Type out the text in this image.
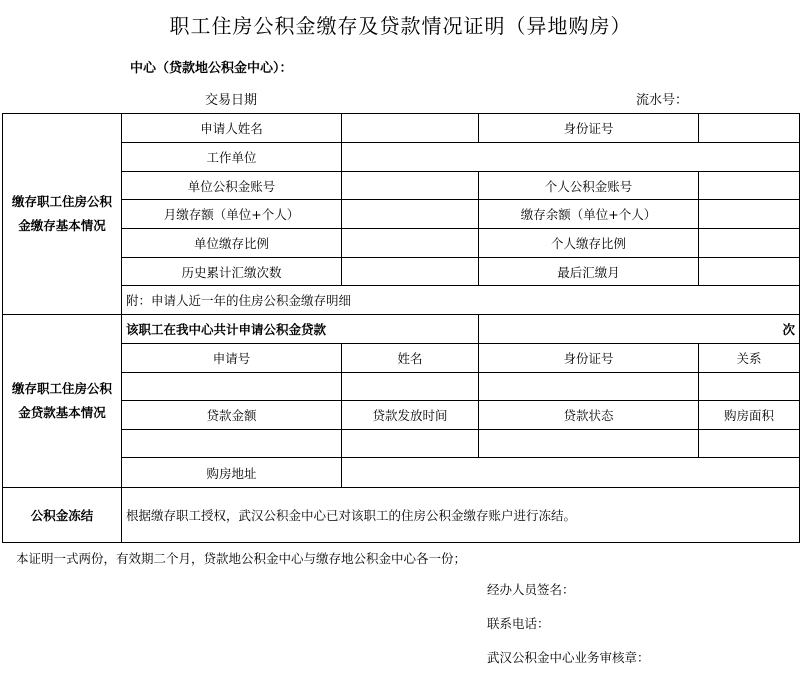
职工住房公积金缴存及贷款情况证明（异地购房）
中心（贷款地公积金中心）：
交易日期	流水号：
缴存职工住房公积金缴存基本情况	申请人姓名		身份证号	
	工作单位			
	单位公积金账号		个人公积金账号	
	月缴存额（单位+个人）		缴存余额（单位+个人）	
	单位缴存比例		个人缴存比例	
	历史累计汇缴次数		最后汇缴月	
	附：申请人近一年的住房公积金缴存明细			
缴存职工住房公积金贷款基本情况	该职工在我中心共计申请公积金贷款		次	
	申请号	姓名	身份证号	关系

	贷款金额	贷款发放时间	贷款状态	购房面积

	购房地址			
公积金冻结	根据缴存职工授权，武汉公积金中心已对该职工的住房公积金缴存账户进行冻结。			
本证明一式两份，有效期二个月，贷款地公积金中心与缴存地公积金中心各一份；
经办人员签名：
联系电话：
武汉公积金中心业务审核章：
